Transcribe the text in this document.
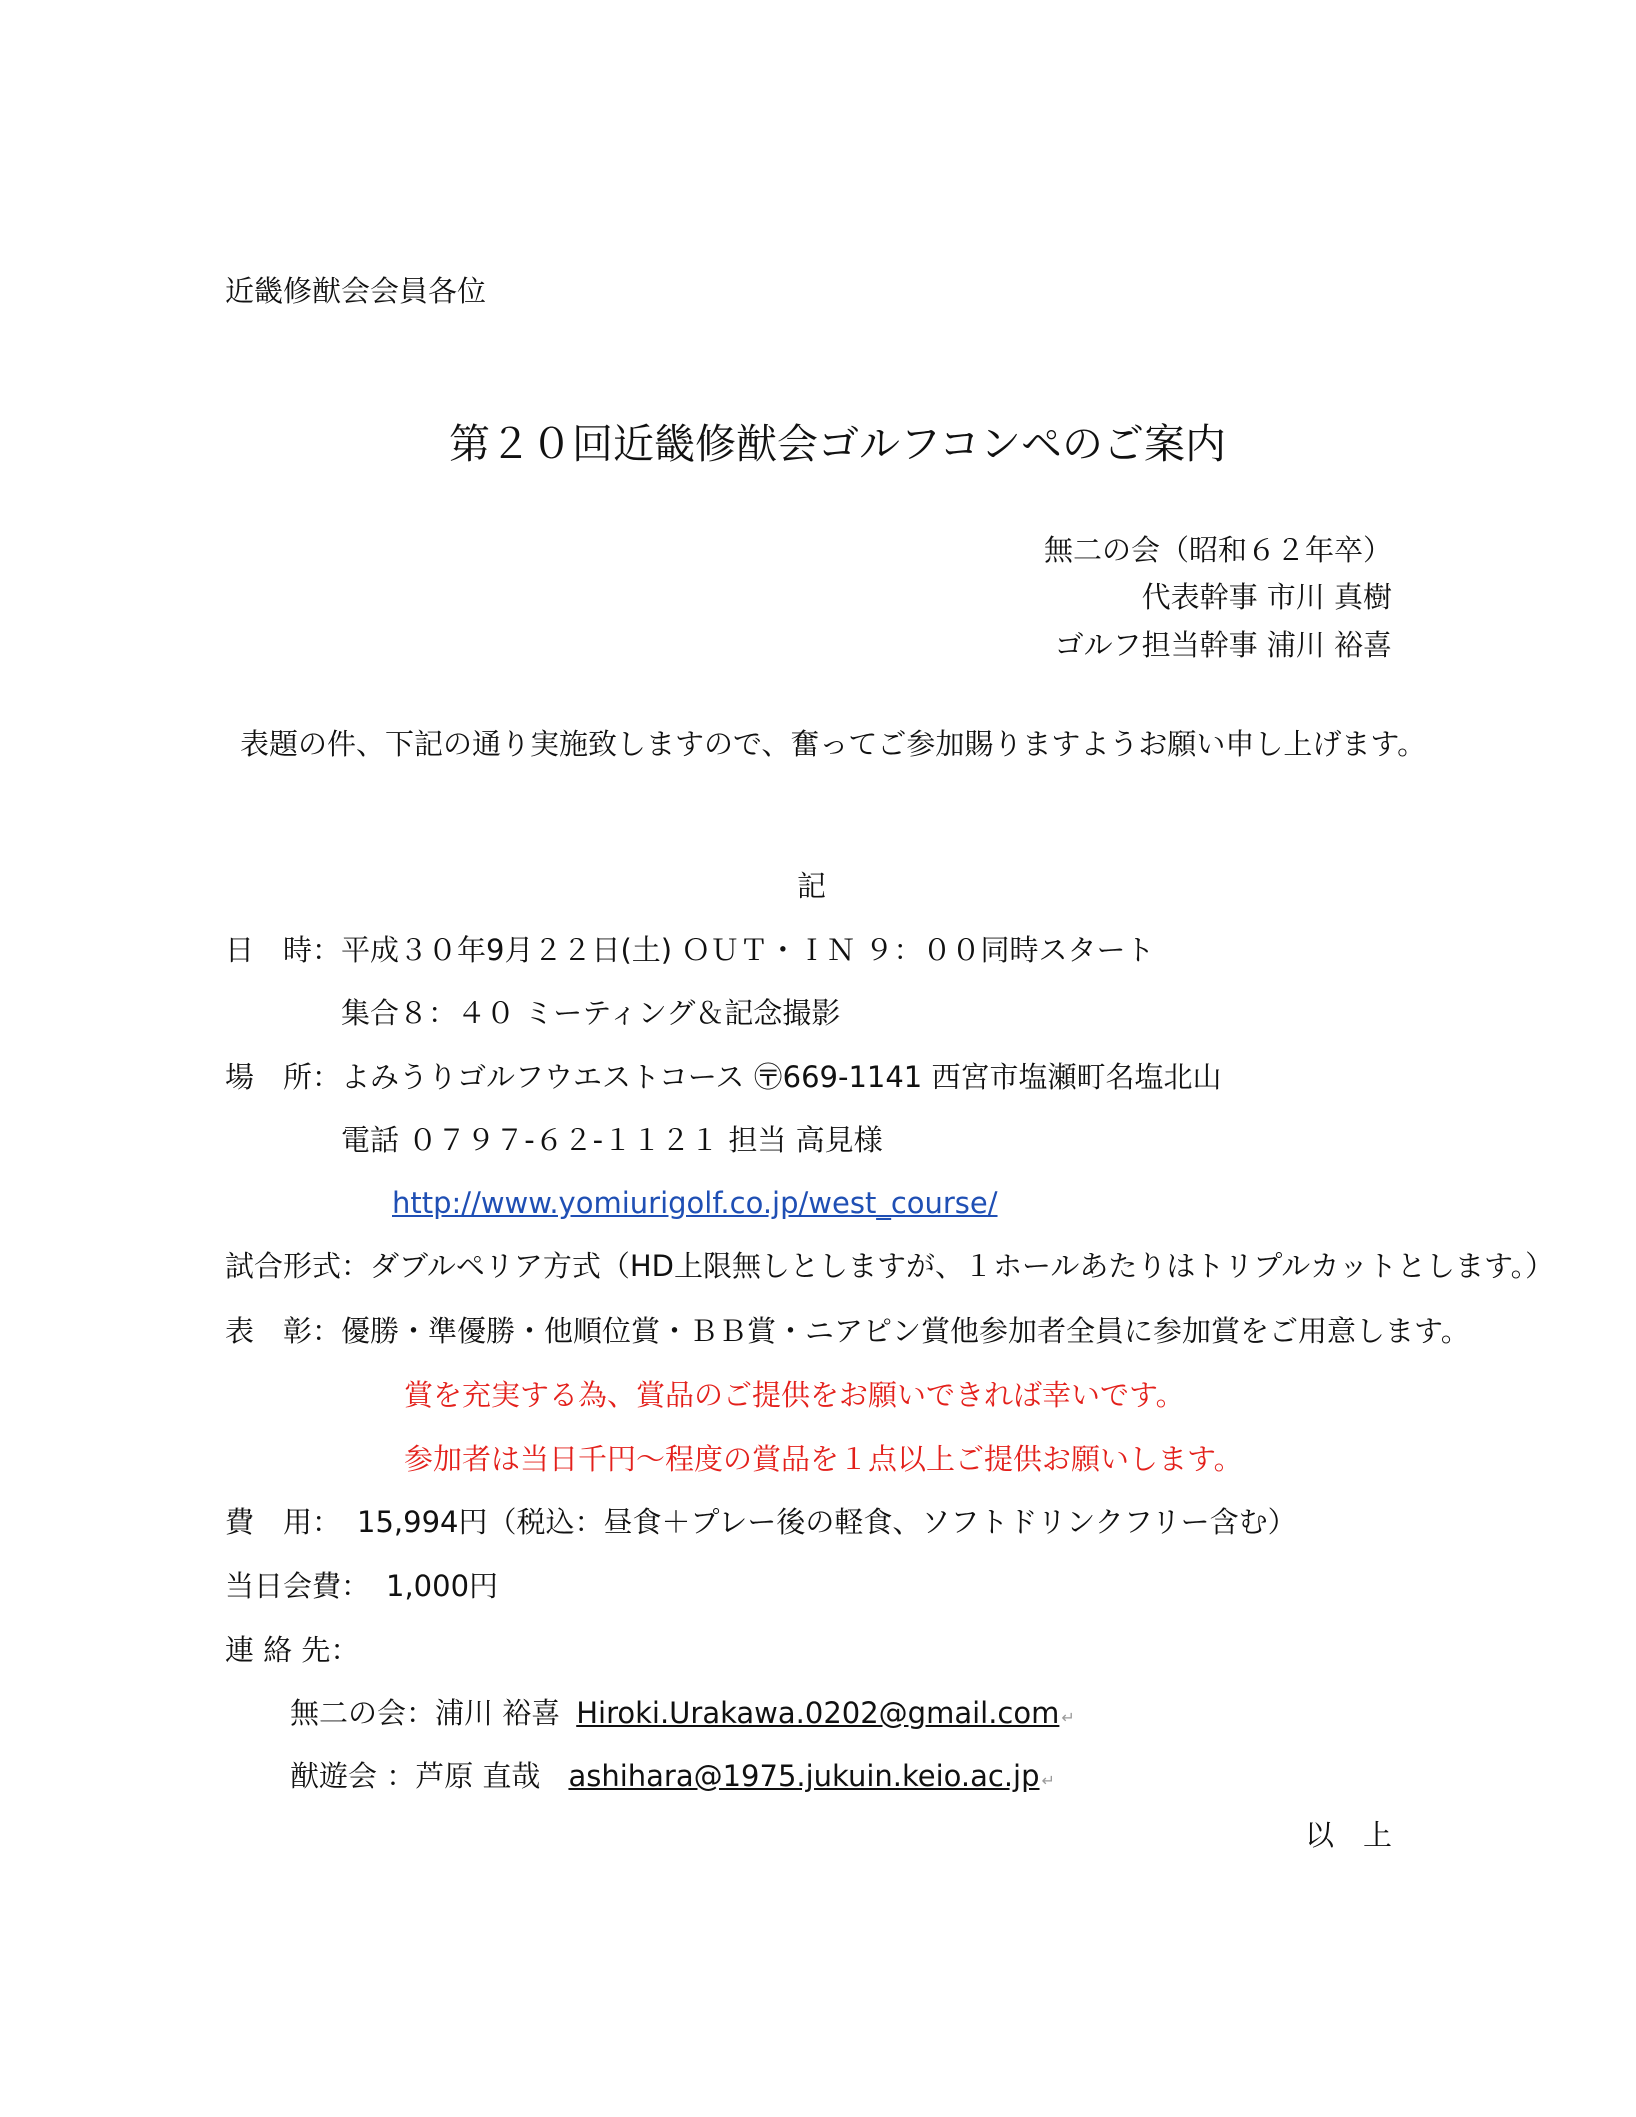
近畿修猷会会員各位
第２０回近畿修猷会ゴルフコンペのご案内
無二の会（昭和６２年卒）
代表幹事 市川 真樹
ゴルフ担当幹事 浦川 裕喜
表題の件、下記の通り実施致しますので、奮ってご参加賜りますようお願い申し上げます。
記
日　時：平成３０年9月２２日(土) ＯＵＴ・ＩＮ ９：００同時スタート
集合８：４０ ミーティング＆記念撮影
場　所：よみうりゴルフウエストコース 〶669-1141 西宮市塩瀬町名塩北山
電話 ０７９７-６２-１１２１ 担当 高見様
http://www.yomiurigolf.co.jp/west_course/
試合形式：ダブルペリア方式（HD上限無しとしますが、１ホールあたりはトリプルカットとします。）
表　彰：優勝・準優勝・他順位賞・ＢＢ賞・ニアピン賞他参加者全員に参加賞をご用意します。
賞を充実する為、賞品のご提供をお願いできれば幸いです。
参加者は当日千円～程度の賞品を１点以上ご提供お願いします。
費　用： 15,994円（税込：昼食＋プレー後の軽食、ソフトドリンクフリー含む）
当日会費： 1,000円
連 絡 先：
無二の会：浦川 裕喜 Hiroki.Urakawa.0202@gmail.com ↵
猷遊会 ：芦原 直哉 ashihara@1975.jukuin.keio.ac.jp ↵
以　上
